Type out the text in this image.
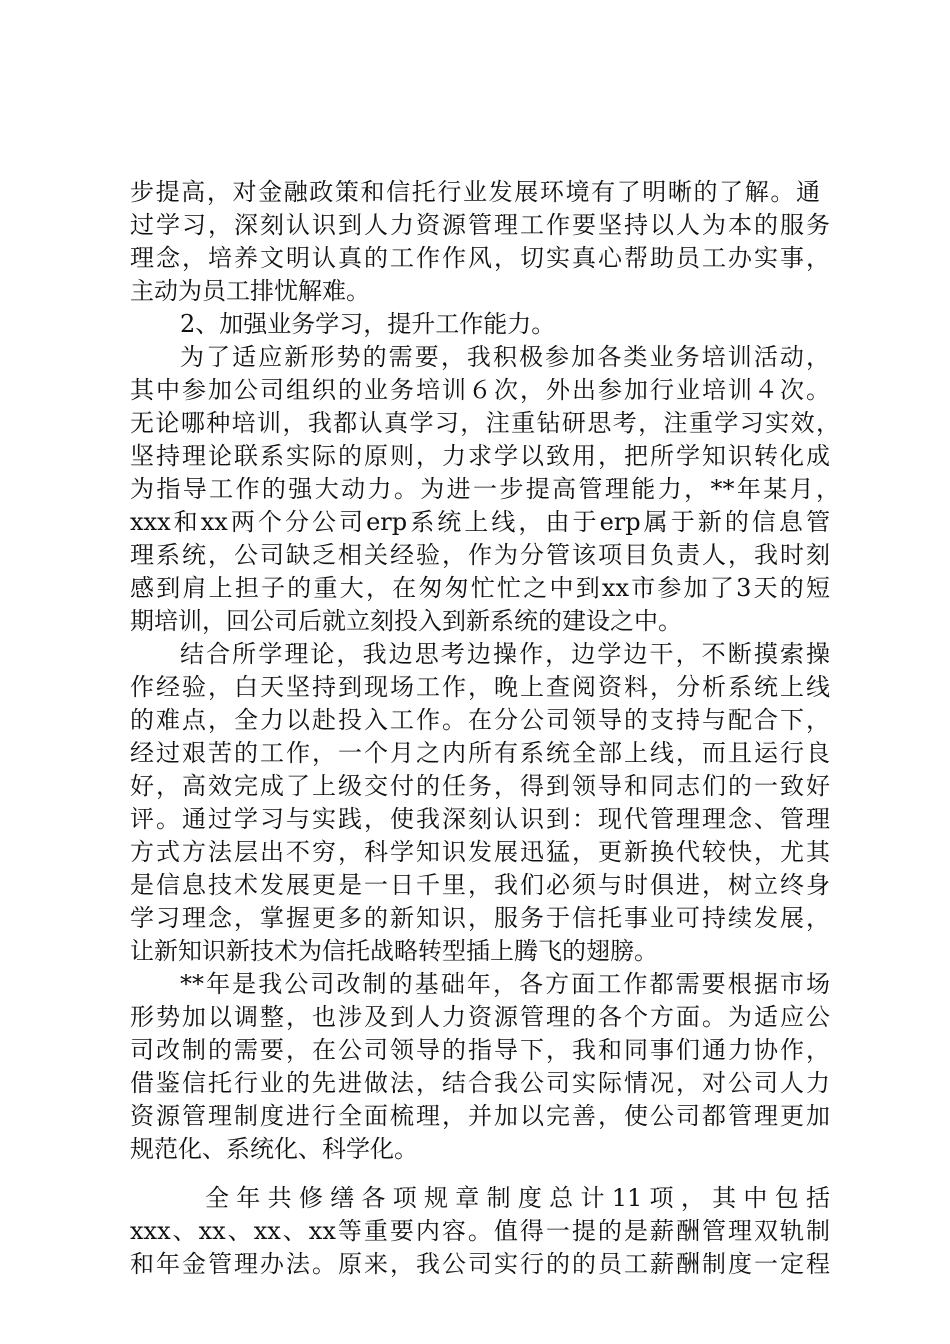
步提高，对金融政策和信托行业发展环境有了明晰的了解。通
过学习，深刻认识到人力资源管理工作要坚持以人为本的服务
理念，培养文明认真的工作作风，切实真心帮助员工办实事，
主动为员工排忧解难。
2、加强业务学习，提升工作能力。
为了适应新形势的需要，我积极参加各类业务培训活动，
其中参加公司组织的业务培训６次，外出参加行业培训４次。
无论哪种培训，我都认真学习，注重钻研思考，注重学习实效，
坚持理论联系实际的原则，力求学以致用，把所学知识转化成
为指导工作的强大动力。为进一步提高管理能力，**年某月，
xxx和xx两个分公司erp系统上线，由于erp属于新的信息管
理系统，公司缺乏相关经验，作为分管该项目负责人，我时刻
感到肩上担子的重大，在匆匆忙忙之中到xx市参加了3天的短
期培训，回公司后就立刻投入到新系统的建设之中。
结合所学理论，我边思考边操作，边学边干，不断摸索操
作经验，白天坚持到现场工作，晚上查阅资料，分析系统上线
的难点，全力以赴投入工作。在分公司领导的支持与配合下，
经过艰苦的工作，一个月之内所有系统全部上线，而且运行良
好，高效完成了上级交付的任务，得到领导和同志们的一致好
评。通过学习与实践，使我深刻认识到：现代管理理念、管理
方式方法层出不穷，科学知识发展迅猛，更新换代较快，尤其
是信息技术发展更是一日千里，我们必须与时俱进，树立终身
学习理念，掌握更多的新知识，服务于信托事业可持续发展，
让新知识新技术为信托战略转型插上腾飞的翅膀。
**年是我公司改制的基础年，各方面工作都需要根据市场
形势加以调整，也涉及到人力资源管理的各个方面。为适应公
司改制的需要，在公司领导的指导下，我和同事们通力协作，
借鉴信托行业的先进做法，结合我公司实际情况，对公司人力
资源管理制度进行全面梳理，并加以完善，使公司都管理更加
规范化、系统化、科学化。
全年共修缮各项规章制度总计11项，其中包括
xxx、xx、xx、xx等重要内容。值得一提的是薪酬管理双轨制
和年金管理办法。原来，我公司实行的的员工薪酬制度一定程
